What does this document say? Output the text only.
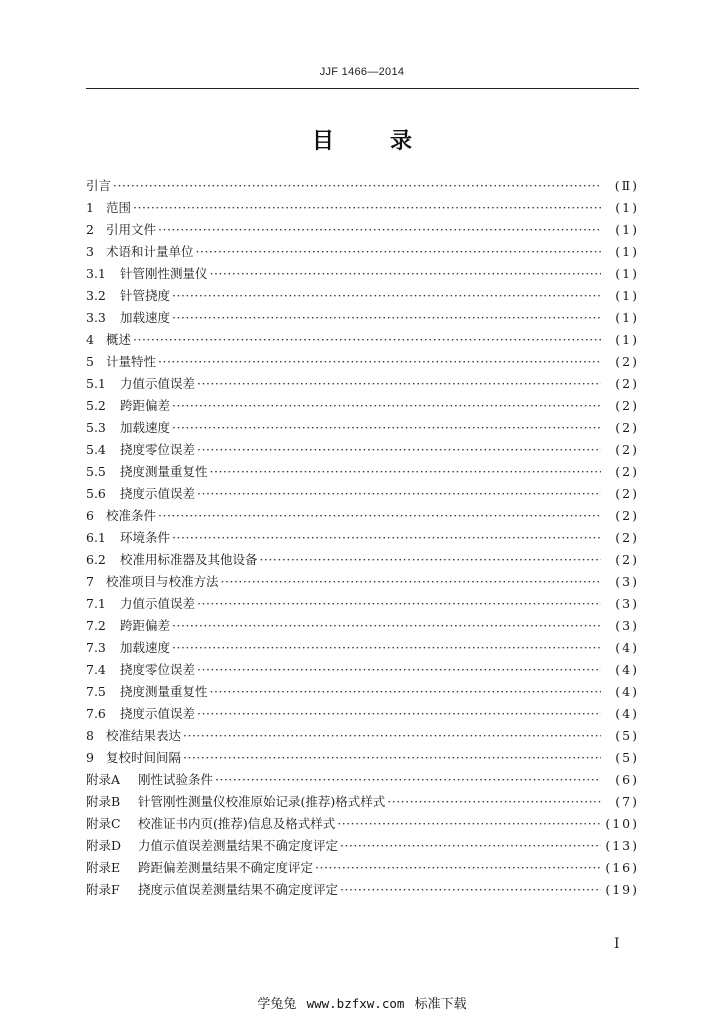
JJF 1466—2014
目录
引言 ·····	(Ⅱ)
1 范围 ·····	(1)
2 引用文件 ·····	(1)
3 术语和计量单位 ·····	(1)
3.1	针管刚性测量仪 ·····	(1)
3.2	针管挠度 ·····	(1)
3.3	加载速度 ·····	(1)
4 概述 ·····	(1)
5 计量特性 ·····	(2)
5.1	力值示值误差 ·····	(2)
5.2	跨距偏差 ·····	(2)
5.3	加载速度 ·····	(2)
5.4	挠度零位误差 ·····	(2)
5.5	挠度测量重复性 ·····	(2)
5.6	挠度示值误差 ·····	(2)
6 校准条件 ·····	(2)
6.1	环境条件 ·····	(2)
6.2	校准用标准器及其他设备 ·····	(2)
7 校准项目与校准方法 ·····	(3)
7.1	力值示值误差 ·····	(3)
7.2	跨距偏差 ·····	(3)
7.3	加载速度 ·····	(4)
7.4	挠度零位误差 ·····	(4)
7.5	挠度测量重复性 ·····	(4)
7.6	挠度示值误差 ·····	(4)
8 校准结果表达 ·····	(5)
9 复校时间间隔 ·····	(5)
附录A	刚性试验条件 ·····	(6)
附录B	针管刚性测量仪校准原始记录(推荐)格式样式 ·····	(7)
附录C	校准证书内页(推荐)信息及格式样式 ·····	(10)
附录D	力值示值误差测量结果不确定度评定 ·····	(13)
附录E	跨距偏差测量结果不确定度评定 ·····	(16)
附录F	挠度示值误差测量结果不确定度评定 ·····	(19)
I
学兔兔 www.bzfxw.com 标准下载
